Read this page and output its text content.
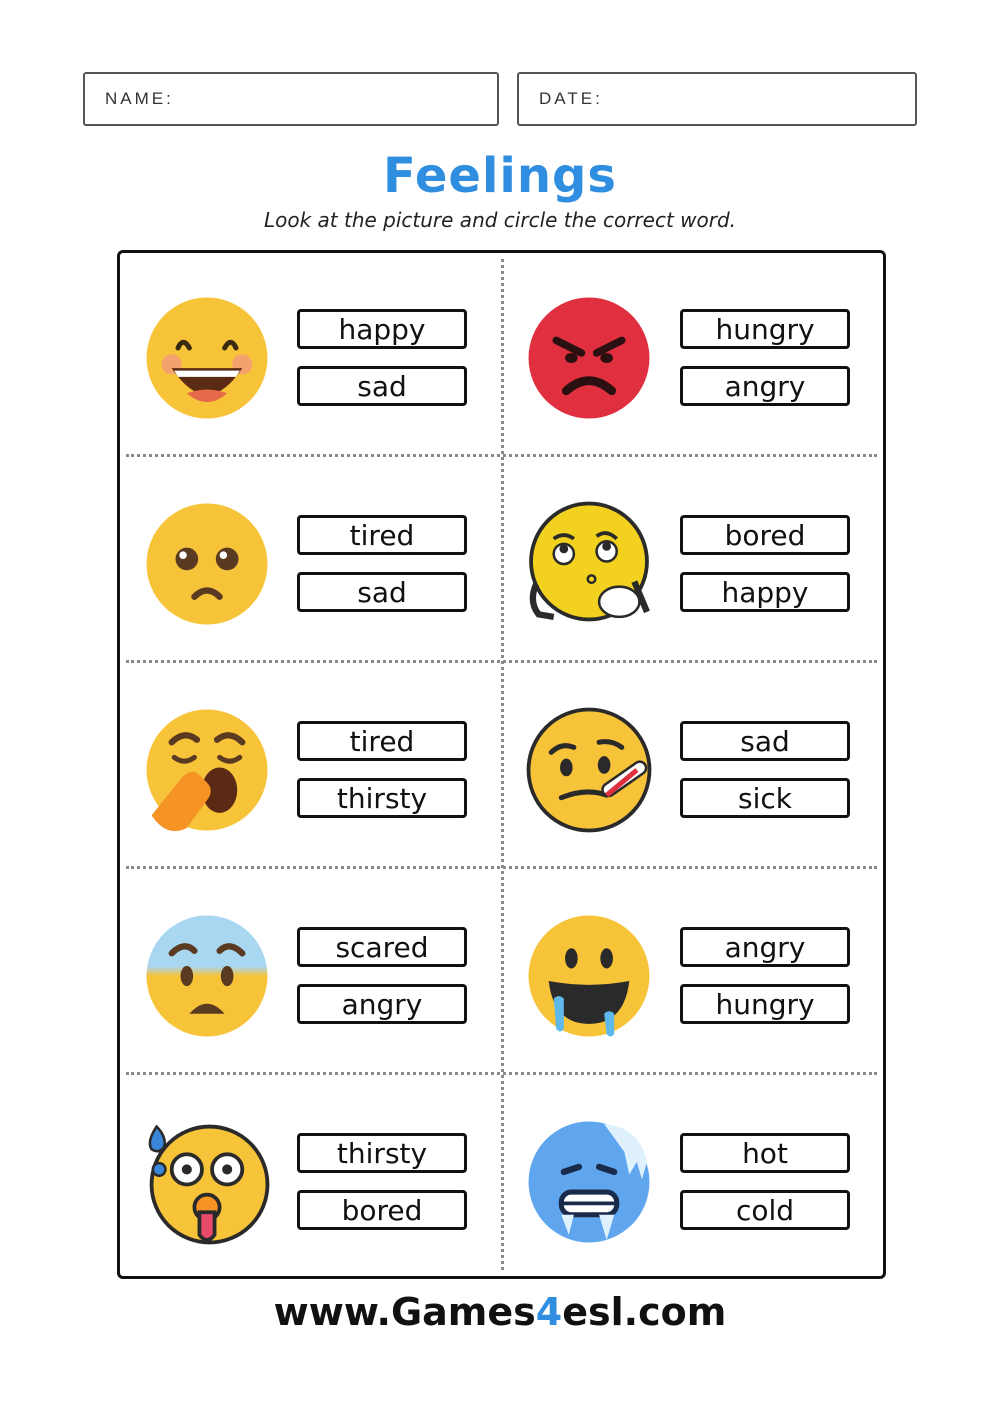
NAME:	DATE:
Feelings
Look at the picture and circle the correct word.
happy
sad
hungry
angry
tired
sad
bored
happy
tired
thirsty
sad
sick
scared
angry
angry
hungry
thirsty
bored
hot
cold
www.Games4esl.com
